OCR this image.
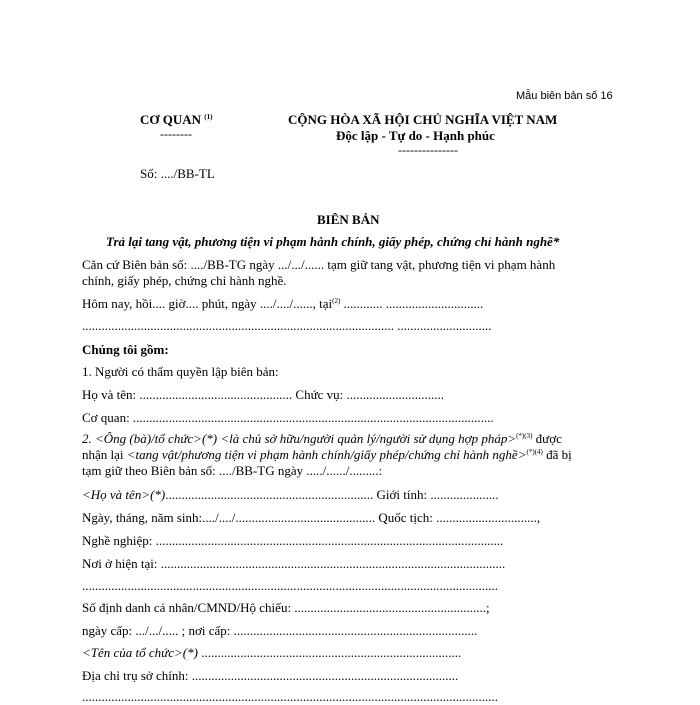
Mẫu biên bản số 16
CƠ QUAN $^{(1)}$
--------
CỘNG HÒA XÃ HỘI CHỦ NGHĨA VIỆT NAM
Độc lập - Tự do - Hạnh phúc
---------------
Số: ..../BB-TL
BIÊN BẢN
Trả lại tang vật, phương tiện vi phạm hành chính, giấy phép, chứng chỉ hành nghề*
Căn cứ Biên bản số: ..../BB-TG ngày .../.../...... tạm giữ tang vật, phương tiện vi phạm hành
chính, giấy phép, chứng chỉ hành nghề.
Hôm nay, hồi.... giờ.... phút, ngày ..../..../......, tại$^{(2)}$ ............ ..............................
................................................................................................ .............................
Chúng tôi gồm:
1. Người có thẩm quyền lập biên bản:
Họ và tên: ............................................... Chức vụ: ..............................
Cơ quan: ...............................................................................................................
2. <Ông (bà)/tổ chức>(*) <là chủ sở hữu/người quản lý/người sử dụng hợp pháp>$^{(*)(3)}$ được
nhận lại <tang vật/phương tiện vi phạm hành chính/giấy phép/chứng chỉ hành nghề>$^{(*)(4)}$ đã bị
tạm giữ theo Biên bản số: ..../BB-TG ngày ...../....../.........:
<Họ và tên>(*)................................................................ Giới tính: .....................
Ngày, tháng, năm sinh:..../..../........................................... Quốc tịch: ...............................,
Nghề nghiệp: ...........................................................................................................
Nơi ở hiện tại: ..........................................................................................................
................................................................................................................................
Số định danh cá nhân/CMND/Hộ chiếu: ...........................................................;
ngày cấp: .../.../..... ; nơi cấp: ...........................................................................
<Tên của tổ chức>(*) ................................................................................
Địa chỉ trụ sở chính: ..................................................................................
................................................................................................................................
